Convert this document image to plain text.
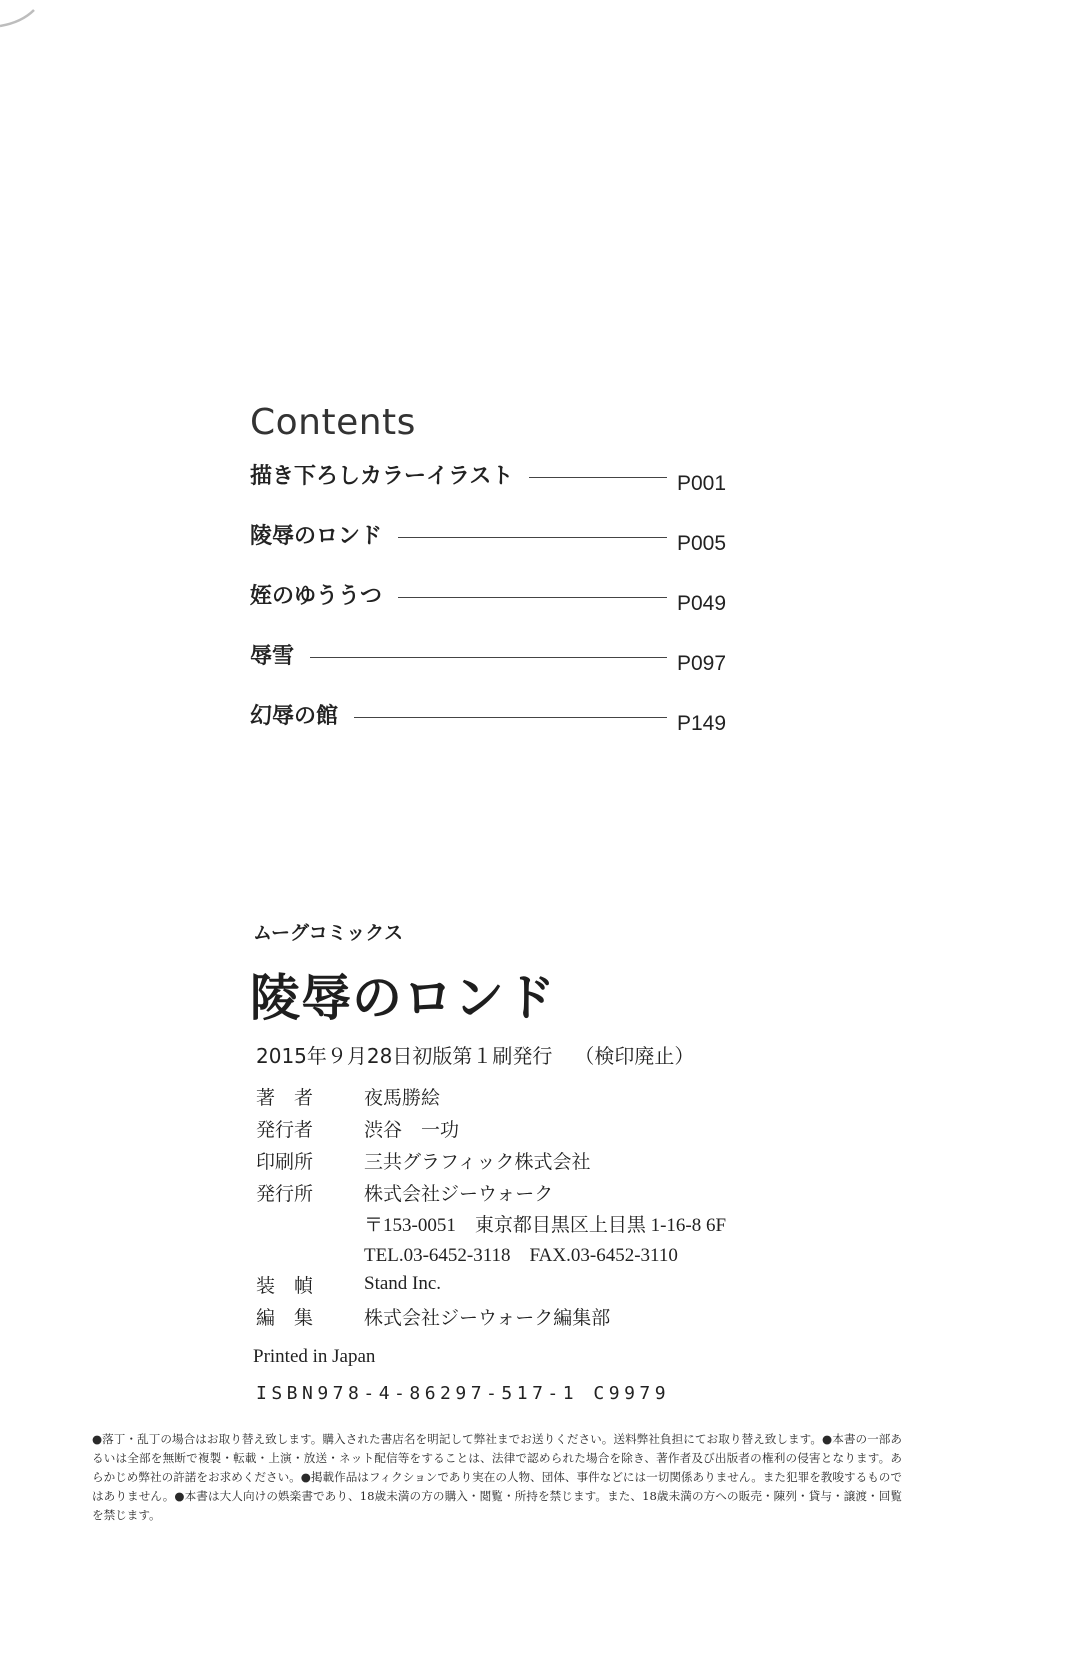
Contents
描き下ろしカラーイラスト	P001
陵辱のロンド	P005
姪のゆううつ	P049
辱雪	P097
幻辱の館	P149
ムーグコミックス
陵辱のロンド
2015年９月28日初版第１刷発行 （検印廃止）
著　者	夜馬勝絵
発行者	渋谷　一功
印刷所	三共グラフィック株式会社
発行所	株式会社ジーウォーク
〒153-0051　東京都目黒区上目黒 1-16-8 6F
TEL.03-6452-3118　FAX.03-6452-3110
装　幀	Stand Inc.
編　集	株式会社ジーウォーク編集部
Printed in Japan
ISBN978-4-86297-517-1 C9979
●落丁・乱丁の場合はお取り替え致します。購入された書店名を明記して弊社までお送りください。送料弊社負担にてお取り替え致します。●本書の一部あるいは全部を無断で複製・転載・上演・放送・ネット配信等をすることは、法律で認められた場合を除き、著作者及び出版者の権利の侵害となります。あらかじめ弊社の許諾をお求めください。●掲載作品はフィクションであり実在の人物、団体、事件などには一切関係ありません。また犯罪を教唆するものではありません。●本書は大人向けの娯楽書であり、18歳未満の方の購入・閲覧・所持を禁じます。また、18歳未満の方への販売・陳列・貸与・譲渡・回覧を禁じます。
